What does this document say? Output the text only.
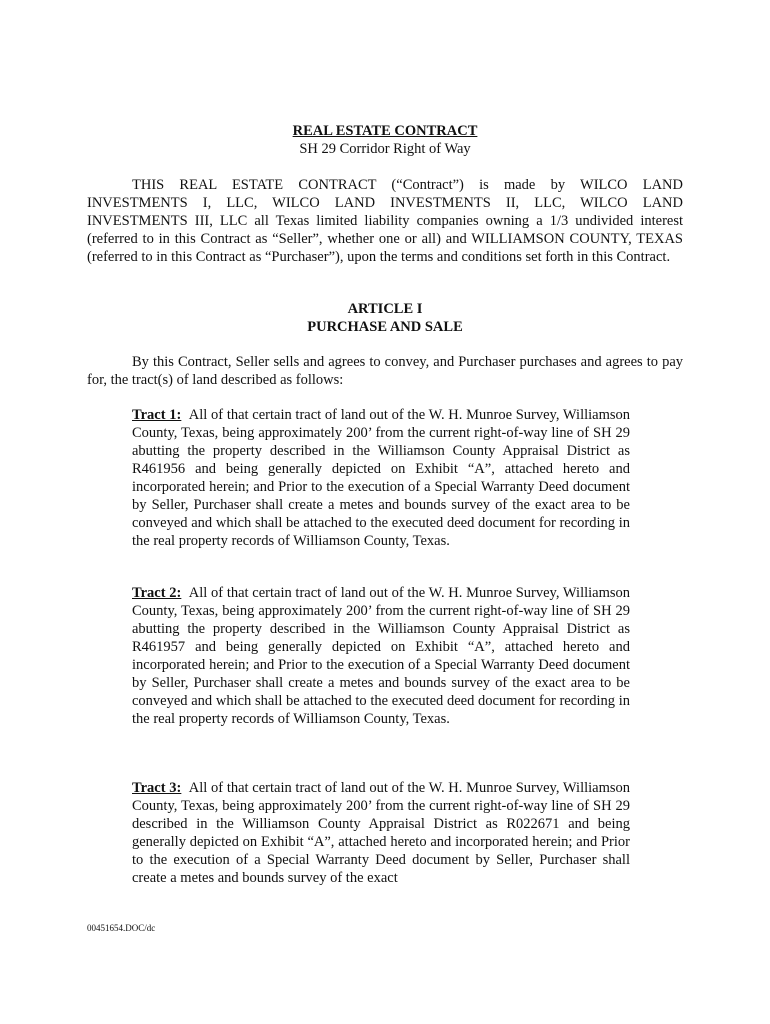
REAL ESTATE CONTRACT
SH 29 Corridor Right of Way

THIS REAL ESTATE CONTRACT (“Contract”) is made by WILCO LAND INVESTMENTS I, LLC, WILCO LAND INVESTMENTS II, LLC, WILCO LAND INVESTMENTS III, LLC all Texas limited liability companies owning a 1/3 undivided interest (referred to in this Contract as “Seller”, whether one or all) and WILLIAMSON COUNTY, TEXAS (referred to in this Contract as “Purchaser”), upon the terms and conditions set forth in this Contract.

ARTICLE I
PURCHASE AND SALE

By this Contract, Seller sells and agrees to convey, and Purchaser purchases and agrees to pay for, the tract(s) of land described as follows:

Tract 1: All of that certain tract of land out of the W. H. Munroe Survey, Williamson County, Texas, being approximately 200’ from the current right-of-way line of SH 29 abutting the property described in the Williamson County Appraisal District as R461956 and being generally depicted on Exhibit “A”, attached hereto and incorporated herein; and Prior to the execution of a Special Warranty Deed document by Seller, Purchaser shall create a metes and bounds survey of the exact area to be conveyed and which shall be attached to the executed deed document for recording in the real property records of Williamson County, Texas.

Tract 2: All of that certain tract of land out of the W. H. Munroe Survey, Williamson County, Texas, being approximately 200’ from the current right-of-way line of SH 29 abutting the property described in the Williamson County Appraisal District as R461957 and being generally depicted on Exhibit “A”, attached hereto and incorporated herein; and Prior to the execution of a Special Warranty Deed document by Seller, Purchaser shall create a metes and bounds survey of the exact area to be conveyed and which shall be attached to the executed deed document for recording in the real property records of Williamson County, Texas.

Tract 3: All of that certain tract of land out of the W. H. Munroe Survey, Williamson County, Texas, being approximately 200’ from the current right-of-way line of SH 29 described in the Williamson County Appraisal District as R022671 and being generally depicted on Exhibit “A”, attached hereto and incorporated herein; and Prior to the execution of a Special Warranty Deed document by Seller, Purchaser shall create a metes and bounds survey of the exact

00451654.DOC/dc
